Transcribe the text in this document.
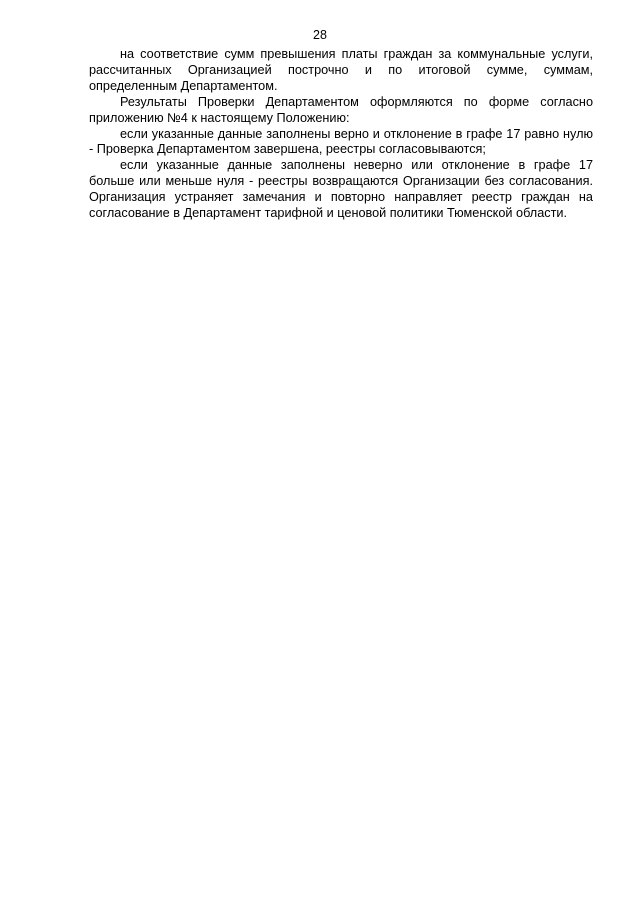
28

на соответствие сумм превышения платы граждан за коммунальные услуги, рассчитанных Организацией построчно и по итоговой сумме, суммам, определенным Департаментом.

Результаты Проверки Департаментом оформляются по форме согласно приложению №4 к настоящему Положению:

если указанные данные заполнены верно и отклонение в графе 17 равно нулю - Проверка Департаментом завершена, реестры согласовываются;

если указанные данные заполнены неверно или отклонение в графе 17 больше или меньше нуля - реестры возвращаются Организации без согласования. Организация устраняет замечания и повторно направляет реестр граждан на согласование в Департамент тарифной и ценовой политики Тюменской области.
